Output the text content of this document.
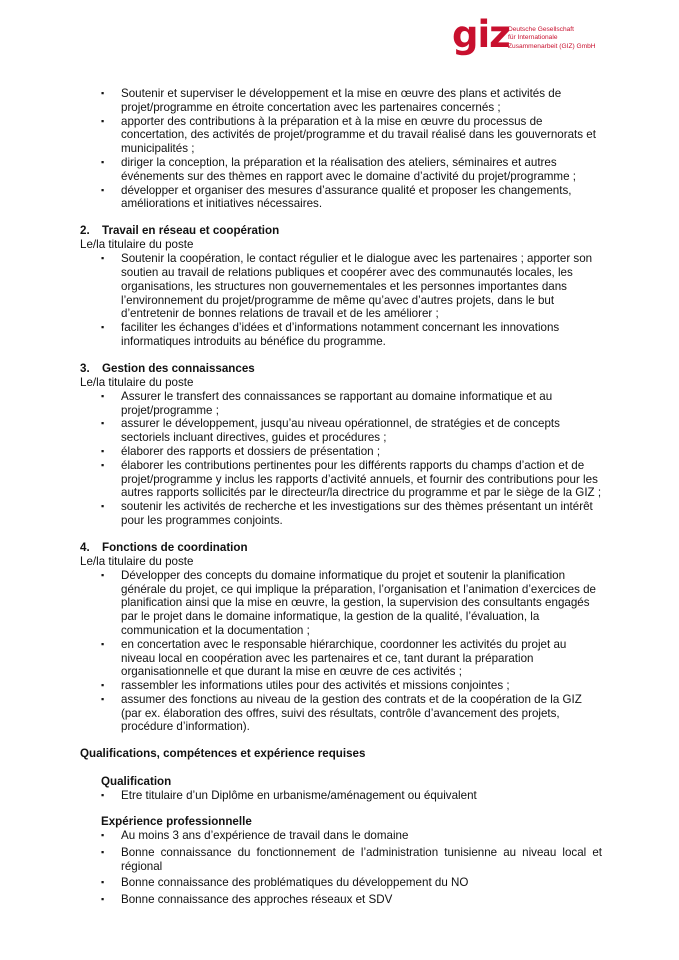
giz
Deutsche Gesellschaft
für Internationale
Zusammenarbeit (GIZ) GmbH
▪ Soutenir et superviser le développement et la mise en œuvre des plans et activités de projet/programme en étroite concertation avec les partenaires concernés ;
▪ apporter des contributions à la préparation et à la mise en œuvre du processus de concertation, des activités de projet/programme et du travail réalisé dans les gouvernorats et municipalités ;
▪ diriger la conception, la préparation et la réalisation des ateliers, séminaires et autres événements sur des thèmes en rapport avec le domaine d’activité du projet/programme ;
▪ développer et organiser des mesures d’assurance qualité et proposer les changements, améliorations et initiatives nécessaires.
2. Travail en réseau et coopération
Le/la titulaire du poste
▪ Soutenir la coopération, le contact régulier et le dialogue avec les partenaires ; apporter son soutien au travail de relations publiques et coopérer avec des communautés locales, les organisations, les structures non gouvernementales et les personnes importantes dans l’environnement du projet/programme de même qu’avec d’autres projets, dans le but d’entretenir de bonnes relations de travail et de les améliorer ;
▪ faciliter les échanges d’idées et d’informations notamment concernant les innovations informatiques introduits au bénéfice du programme.
3. Gestion des connaissances
Le/la titulaire du poste
▪ Assurer le transfert des connaissances se rapportant au domaine informatique et au projet/programme ;
▪ assurer le développement, jusqu’au niveau opérationnel, de stratégies et de concepts sectoriels incluant directives, guides et procédures ;
▪ élaborer des rapports et dossiers de présentation ;
▪ élaborer les contributions pertinentes pour les différents rapports du champs d’action et de projet/programme y inclus les rapports d’activité annuels, et fournir des contributions pour les autres rapports sollicités par le directeur/la directrice du programme et par le siège de la GIZ ;
▪ soutenir les activités de recherche et les investigations sur des thèmes présentant un intérêt pour les programmes conjoints.
4. Fonctions de coordination
Le/la titulaire du poste
▪ Développer des concepts du domaine informatique du projet et soutenir la planification générale du projet, ce qui implique la préparation, l’organisation et l’animation d’exercices de planification ainsi que la mise en œuvre, la gestion, la supervision des consultants engagés par le projet dans le domaine informatique, la gestion de la qualité, l’évaluation, la communication et la documentation ;
▪ en concertation avec le responsable hiérarchique, coordonner les activités du projet au niveau local en coopération avec les partenaires et ce, tant durant la préparation organisationnelle et que durant la mise en œuvre de ces activités ;
▪ rassembler les informations utiles pour des activités et missions conjointes ;
▪ assumer des fonctions au niveau de la gestion des contrats et de la coopération de la GIZ (par ex. élaboration des offres, suivi des résultats, contrôle d’avancement des projets, procédure d’information).
Qualifications, compétences et expérience requises
Qualification
▪ Etre titulaire d’un Diplôme en urbanisme/aménagement ou équivalent
Expérience professionnelle
▪ Au moins 3 ans d’expérience de travail dans le domaine
▪ Bonne connaissance du fonctionnement de l’administration tunisienne au niveau local et régional
▪ Bonne connaissance des problématiques du développement du NO
▪ Bonne connaissance des approches réseaux et SDV
